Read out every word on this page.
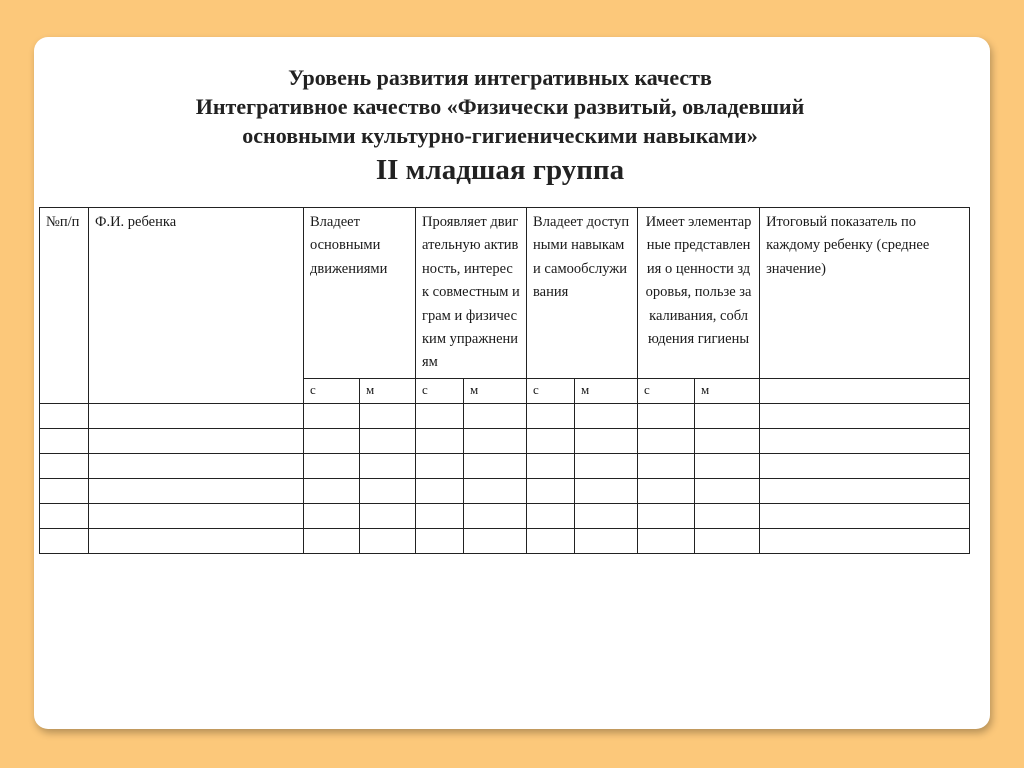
Уровень развития интегративных качеств
Интегративное качество «Физически развитый, овладевший
основными культурно-гигиеническими навыками»
II младшая группа
№п/п	Ф.И. ребенка	Владеет основными движениями		Проявляет двигательную активность, интерес к совместным играм и физическим упражнениям		Владеет доступными навыками самообслуживания		Имеет элементарные представления о ценности здоровья, пользе закаливания, соблюдения гигиены		Итоговый показатель по каждому ребенку (среднее значение)
		с	м	с	м	с	м	с	м	
